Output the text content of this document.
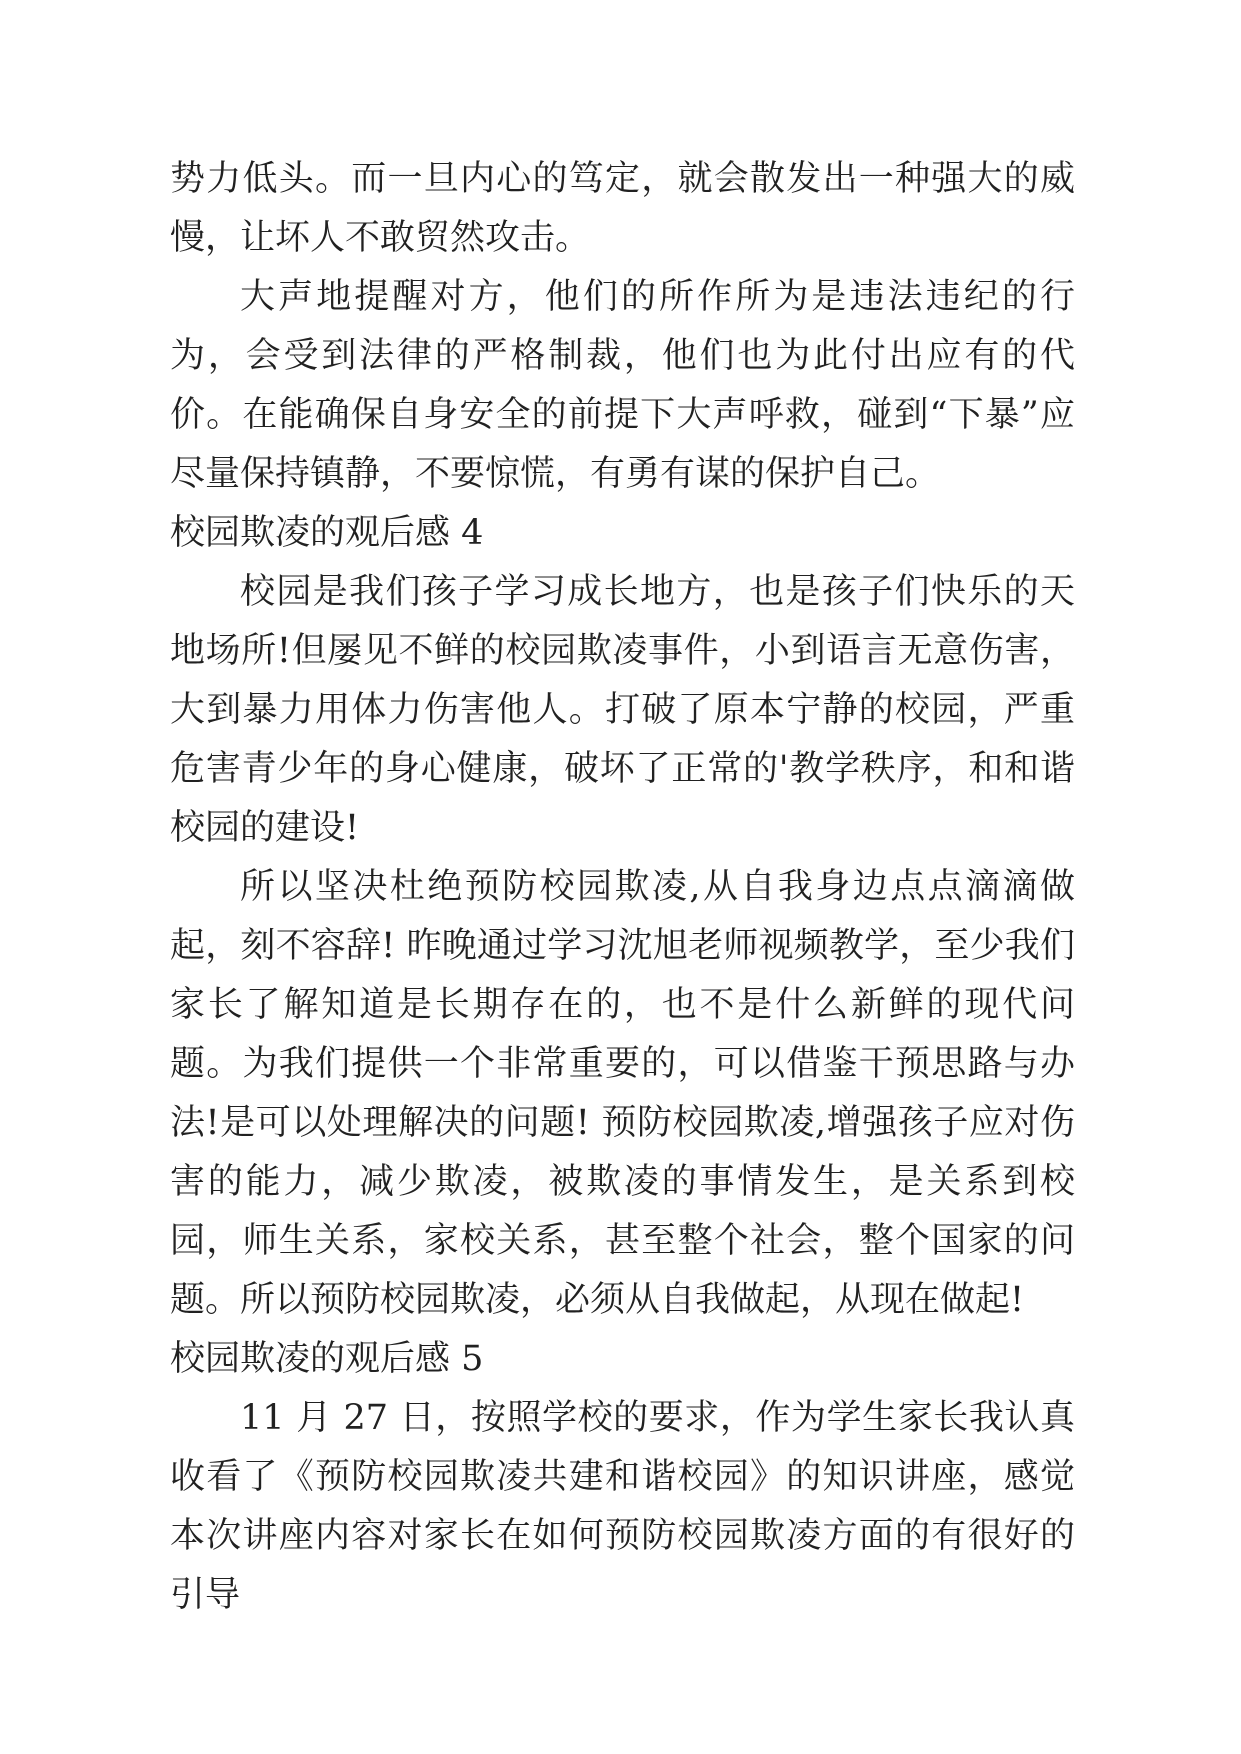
势力低头。而一旦内心的笃定，就会散发出一种强大的威慢，让坏人不敢贸然攻击。

大声地提醒对方，他们的所作所为是违法违纪的行为，会受到法律的严格制裁，他们也为此付出应有的代价。在能确保自身安全的前提下大声呼救，碰到“下暴”应尽量保持镇静，不要惊慌，有勇有谋的保护自己。

校园欺凌的观后感 4

校园是我们孩子学习成长地方，也是孩子们快乐的天地场所!但屡见不鲜的校园欺凌事件，小到语言无意伤害，大到暴力用体力伤害他人。打破了原本宁静的校园，严重危害青少年的身心健康，破坏了正常的'教学秩序，和和谐校园的建设!

所以坚决杜绝预防校园欺凌,从自我身边点点滴滴做起，刻不容辞! 昨晚通过学习沈旭老师视频教学，至少我们家长了解知道是长期存在的，也不是什么新鲜的现代问题。为我们提供一个非常重要的，可以借鉴干预思路与办法!是可以处理解决的问题! 预防校园欺凌,增强孩子应对伤害的能力，减少欺凌，被欺凌的事情发生，是关系到校园，师生关系，家校关系，甚至整个社会，整个国家的问题。所以预防校园欺凌，必须从自我做起，从现在做起!

校园欺凌的观后感 5

11 月 27 日，按照学校的要求，作为学生家长我认真收看了《预防校园欺凌共建和谐校园》的知识讲座，感觉本次讲座内容对家长在如何预防校园欺凌方面的有很好的引导
